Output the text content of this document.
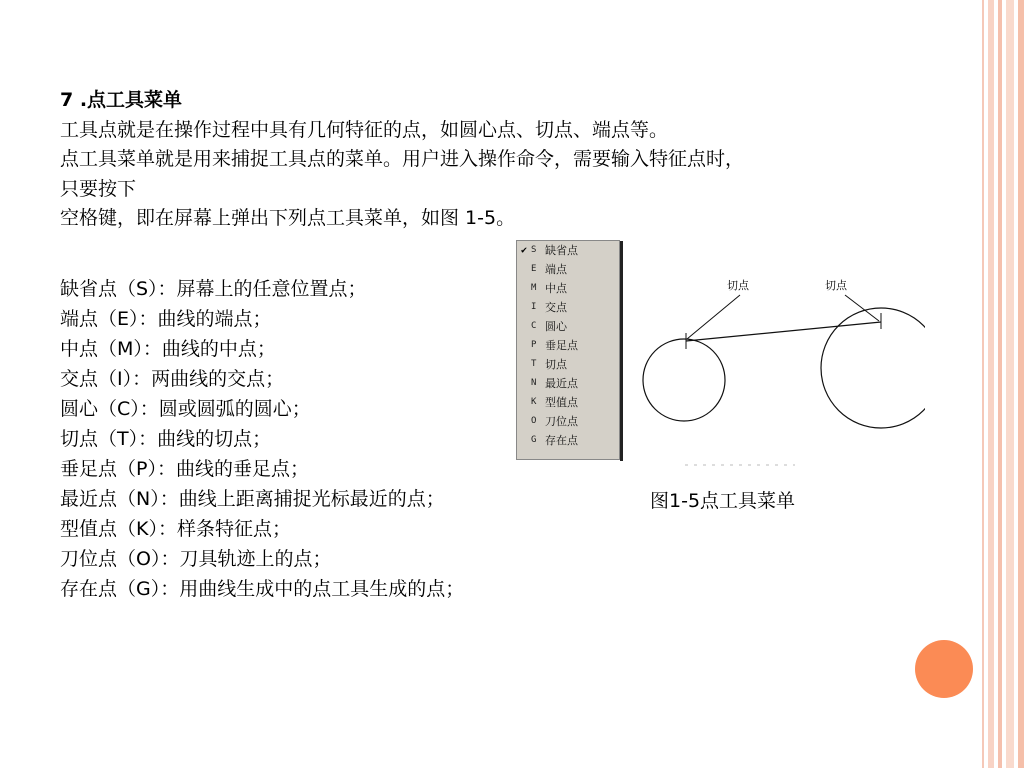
7 .点工具菜单
工具点就是在操作过程中具有几何特征的点，如圆心点、切点、端点等。
点工具菜单就是用来捕捉工具点的菜单。用户进入操作命令，需要输入特征点时，
只要按下
空格键，即在屏幕上弹出下列点工具菜单，如图 1-5。
缺省点（S）：屏幕上的任意位置点；
端点（E）：曲线的端点；
中点（M）：曲线的中点；
交点（I）：两曲线的交点；
圆心（C）：圆或圆弧的圆心；
切点（T）：曲线的切点；
垂足点（P）：曲线的垂足点；
最近点（N）：曲线上距离捕捉光标最近的点；
型值点（K）：样条特征点；
刀位点（O）：刀具轨迹上的点；
存在点（G）：用曲线生成中的点工具生成的点；
图1-5点工具菜单
✔ S 缺省点
E 端点
M 中点
I 交点
C 圆心
P 垂足点
T 切点
N 最近点
K 型值点
O 刀位点
G 存在点
切点	切点
